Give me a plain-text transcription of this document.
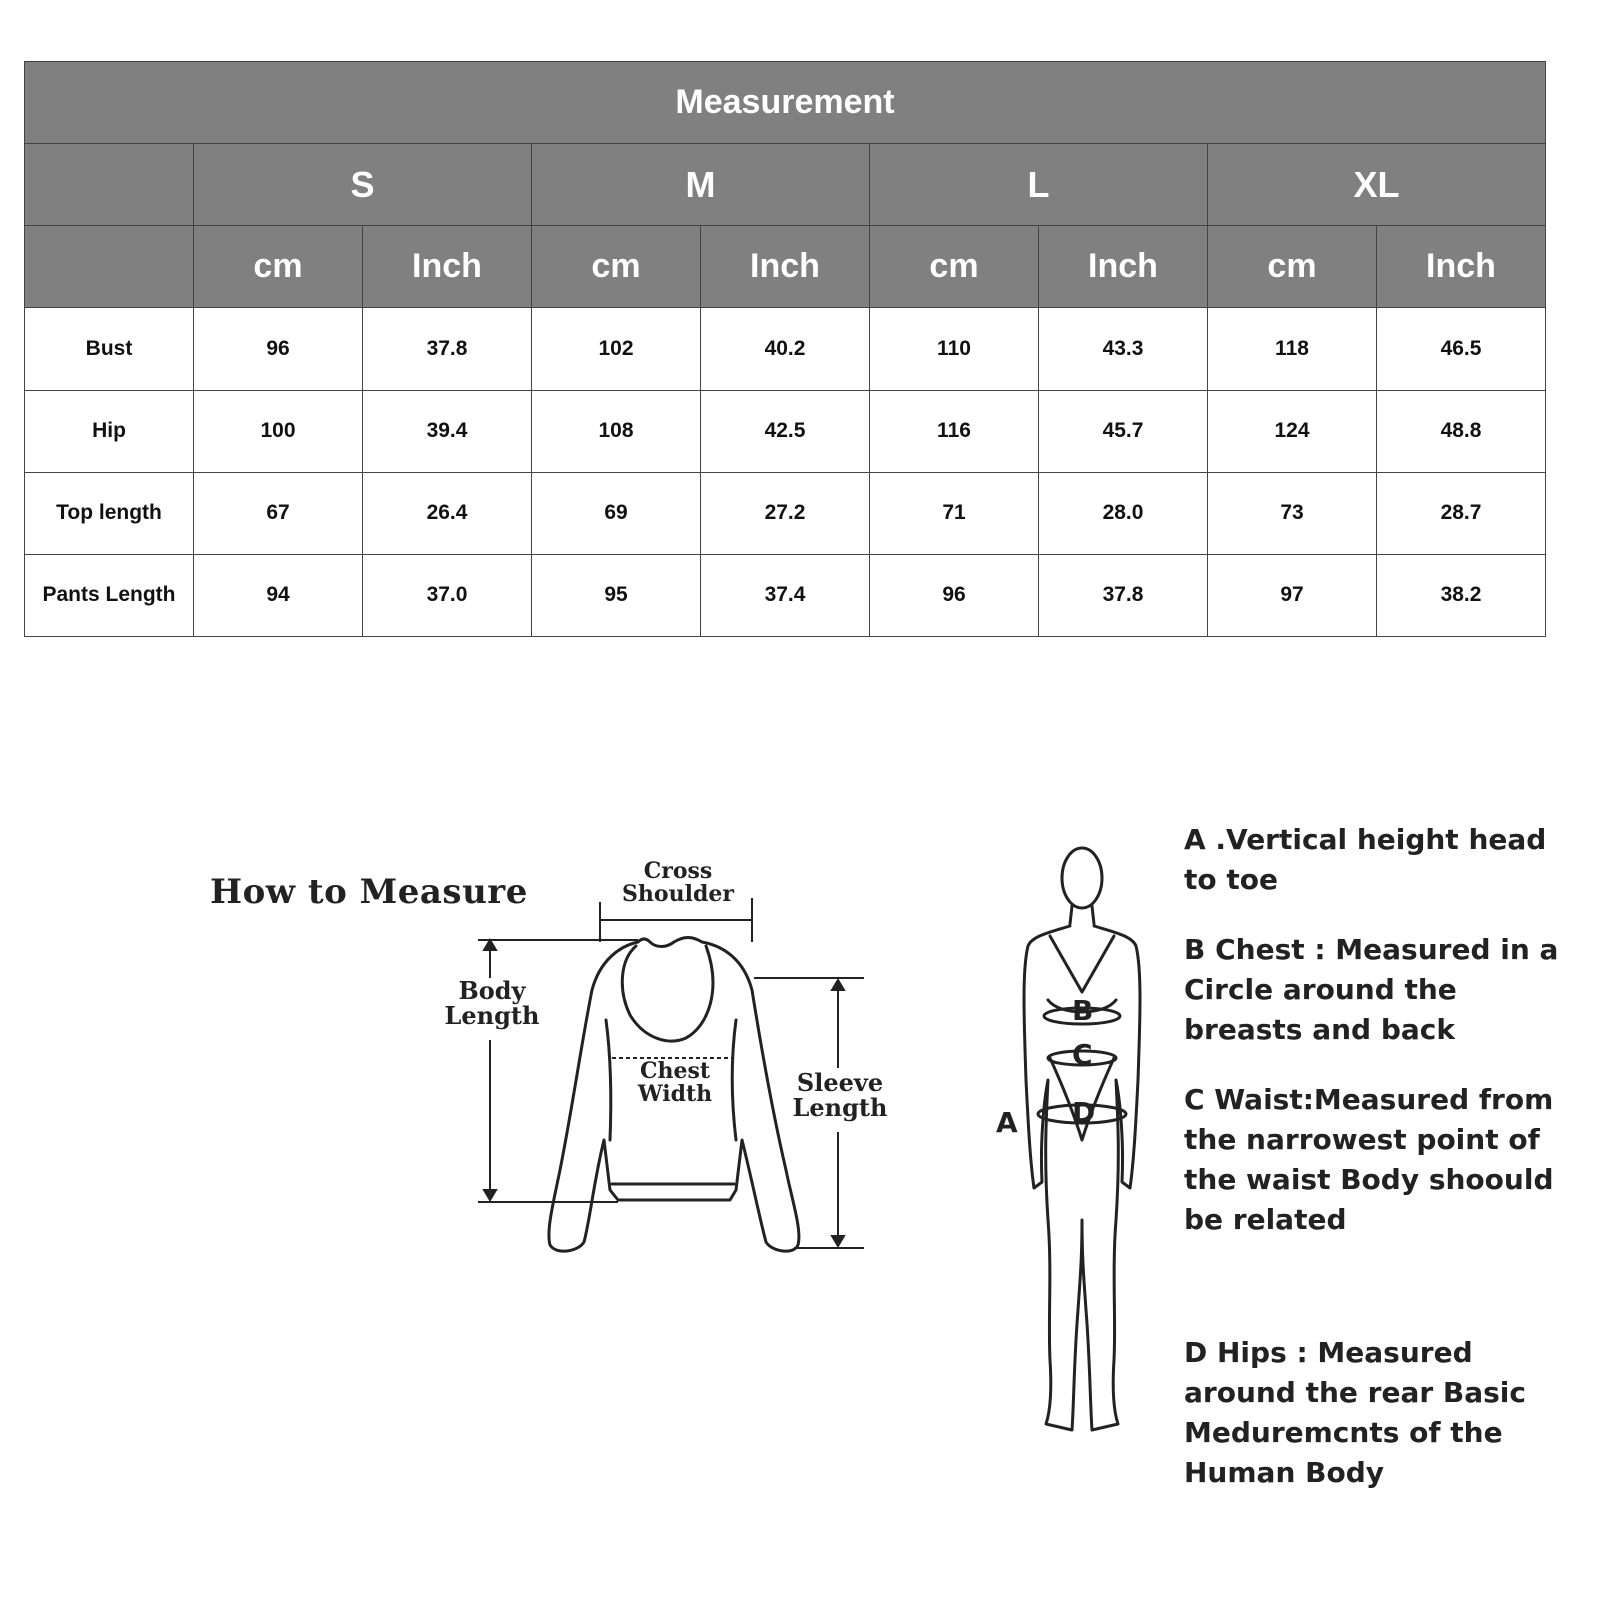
Measurement								
	S		M		L		XL	
	cm	Inch	cm	Inch	cm	Inch	cm	Inch
Bust	96	37.8	102	40.2	110	43.3	118	46.5
Hip	100	39.4	108	42.5	116	45.7	124	48.8
Top length	67	26.4	69	27.2	71	28.0	73	28.7
Pants Length	94	37.0	95	37.4	96	37.8	97	38.2

How to Measure

Cross
Shoulder

Body
Length

Chest
Width	Sleeve
Length	A

B

C

D

A .Vertical height head to toe

B Chest : Measured in a Circle around the breasts and back

C Waist:Measured from the narrowest point of the waist Body shoould be related

D Hips : Measured around the rear Basic Meduremcnts of the Human Body
